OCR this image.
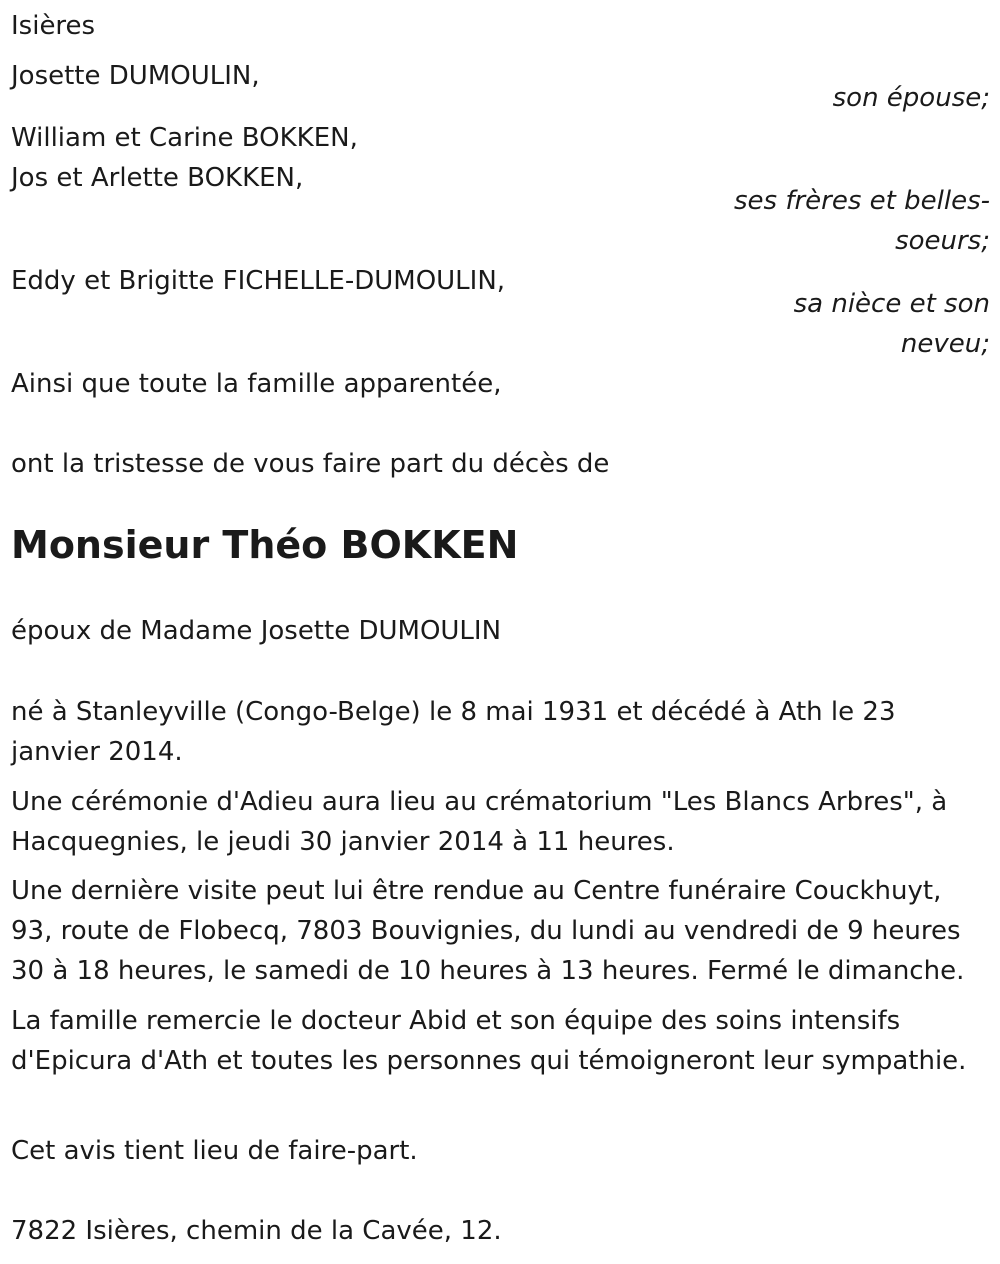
Isières
Josette DUMOULIN,
son épouse;
William et Carine BOKKEN,
Jos et Arlette BOKKEN,
ses frères et belles-
soeurs;
Eddy et Brigitte FICHELLE-DUMOULIN,
sa nièce et son
neveu;
Ainsi que toute la famille apparentée,
ont la tristesse de vous faire part du décès de
Monsieur Théo BOKKEN
époux de Madame Josette DUMOULIN
né à Stanleyville (Congo-Belge) le 8 mai 1931 et décédé à Ath le 23 janvier 2014.
Une cérémonie d'Adieu aura lieu au crématorium "Les Blancs Arbres", à Hacquegnies, le jeudi 30 janvier 2014 à 11 heures.
Une dernière visite peut lui être rendue au Centre funéraire Couckhuyt, 93, route de Flobecq, 7803 Bouvignies, du lundi au vendredi de 9 heures 30 à 18 heures, le samedi de 10 heures à 13 heures. Fermé le dimanche.
La famille remercie le docteur Abid et son équipe des soins intensifs d'Epicura d'Ath et toutes les personnes qui témoigneront leur sympathie.
Cet avis tient lieu de faire-part.
7822 Isières, chemin de la Cavée, 12.
